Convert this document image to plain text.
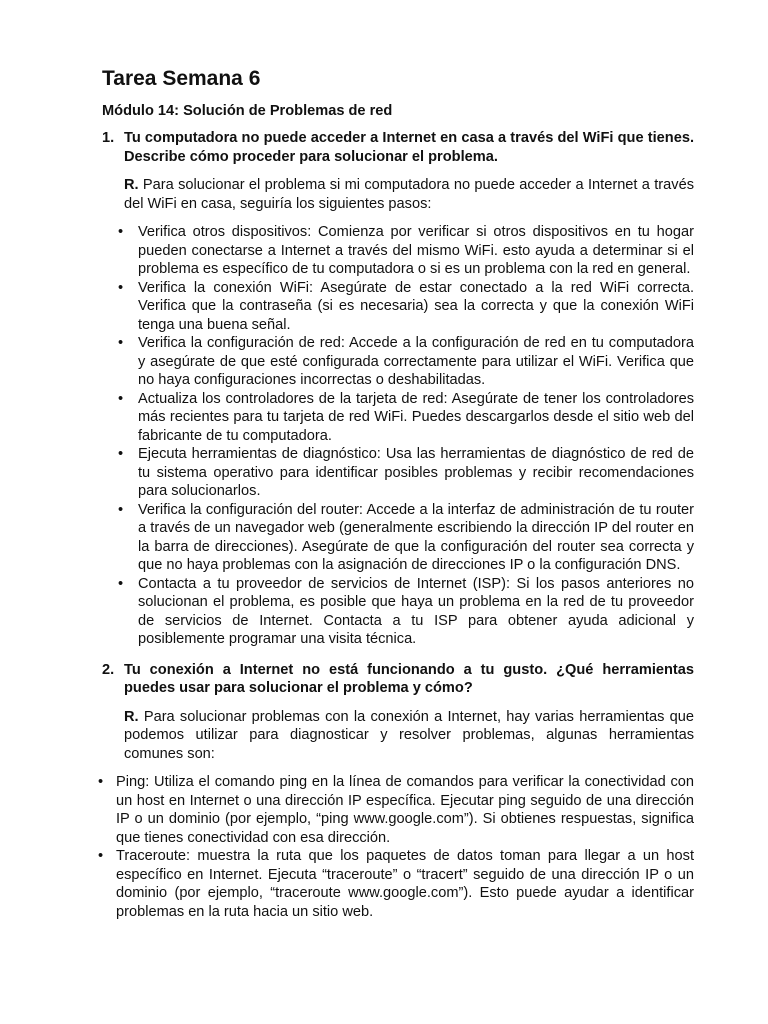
Tarea Semana 6
Módulo 14: Solución de Problemas de red
1. Tu computadora no puede acceder a Internet en casa a través del WiFi que tienes. Describe cómo proceder para solucionar el problema.
R. Para solucionar el problema si mi computadora no puede acceder a Internet a través del WiFi en casa, seguiría los siguientes pasos:
• Verifica otros dispositivos: Comienza por verificar si otros dispositivos en tu hogar pueden conectarse a Internet a través del mismo WiFi. esto ayuda a determinar si el problema es específico de tu computadora o si es un problema con la red en general.
• Verifica la conexión WiFi: Asegúrate de estar conectado a la red WiFi correcta. Verifica que la contraseña (si es necesaria) sea la correcta y que la conexión WiFi tenga una buena señal.
• Verifica la configuración de red: Accede a la configuración de red en tu computadora y asegúrate de que esté configurada correctamente para utilizar el WiFi. Verifica que no haya configuraciones incorrectas o deshabilitadas.
• Actualiza los controladores de la tarjeta de red: Asegúrate de tener los controladores más recientes para tu tarjeta de red WiFi. Puedes descargarlos desde el sitio web del fabricante de tu computadora.
• Ejecuta herramientas de diagnóstico: Usa las herramientas de diagnóstico de red de tu sistema operativo para identificar posibles problemas y recibir recomendaciones para solucionarlos.
• Verifica la configuración del router: Accede a la interfaz de administración de tu router a través de un navegador web (generalmente escribiendo la dirección IP del router en la barra de direcciones). Asegúrate de que la configuración del router sea correcta y que no haya problemas con la asignación de direcciones IP o la configuración DNS.
• Contacta a tu proveedor de servicios de Internet (ISP): Si los pasos anteriores no solucionan el problema, es posible que haya un problema en la red de tu proveedor de servicios de Internet. Contacta a tu ISP para obtener ayuda adicional y posiblemente programar una visita técnica.
2. Tu conexión a Internet no está funcionando a tu gusto. ¿Qué herramientas puedes usar para solucionar el problema y cómo?
R. Para solucionar problemas con la conexión a Internet, hay varias herramientas que podemos utilizar para diagnosticar y resolver problemas, algunas herramientas comunes son:
• Ping: Utiliza el comando ping en la línea de comandos para verificar la conectividad con un host en Internet o una dirección IP específica. Ejecutar ping seguido de una dirección IP o un dominio (por ejemplo, “ping www.google.com”). Si obtienes respuestas, significa que tienes conectividad con esa dirección.
• Traceroute: muestra la ruta que los paquetes de datos toman para llegar a un host específico en Internet. Ejecuta “traceroute” o “tracert” seguido de una dirección IP o un dominio (por ejemplo, “traceroute www.google.com”). Esto puede ayudar a identificar problemas en la ruta hacia un sitio web.
